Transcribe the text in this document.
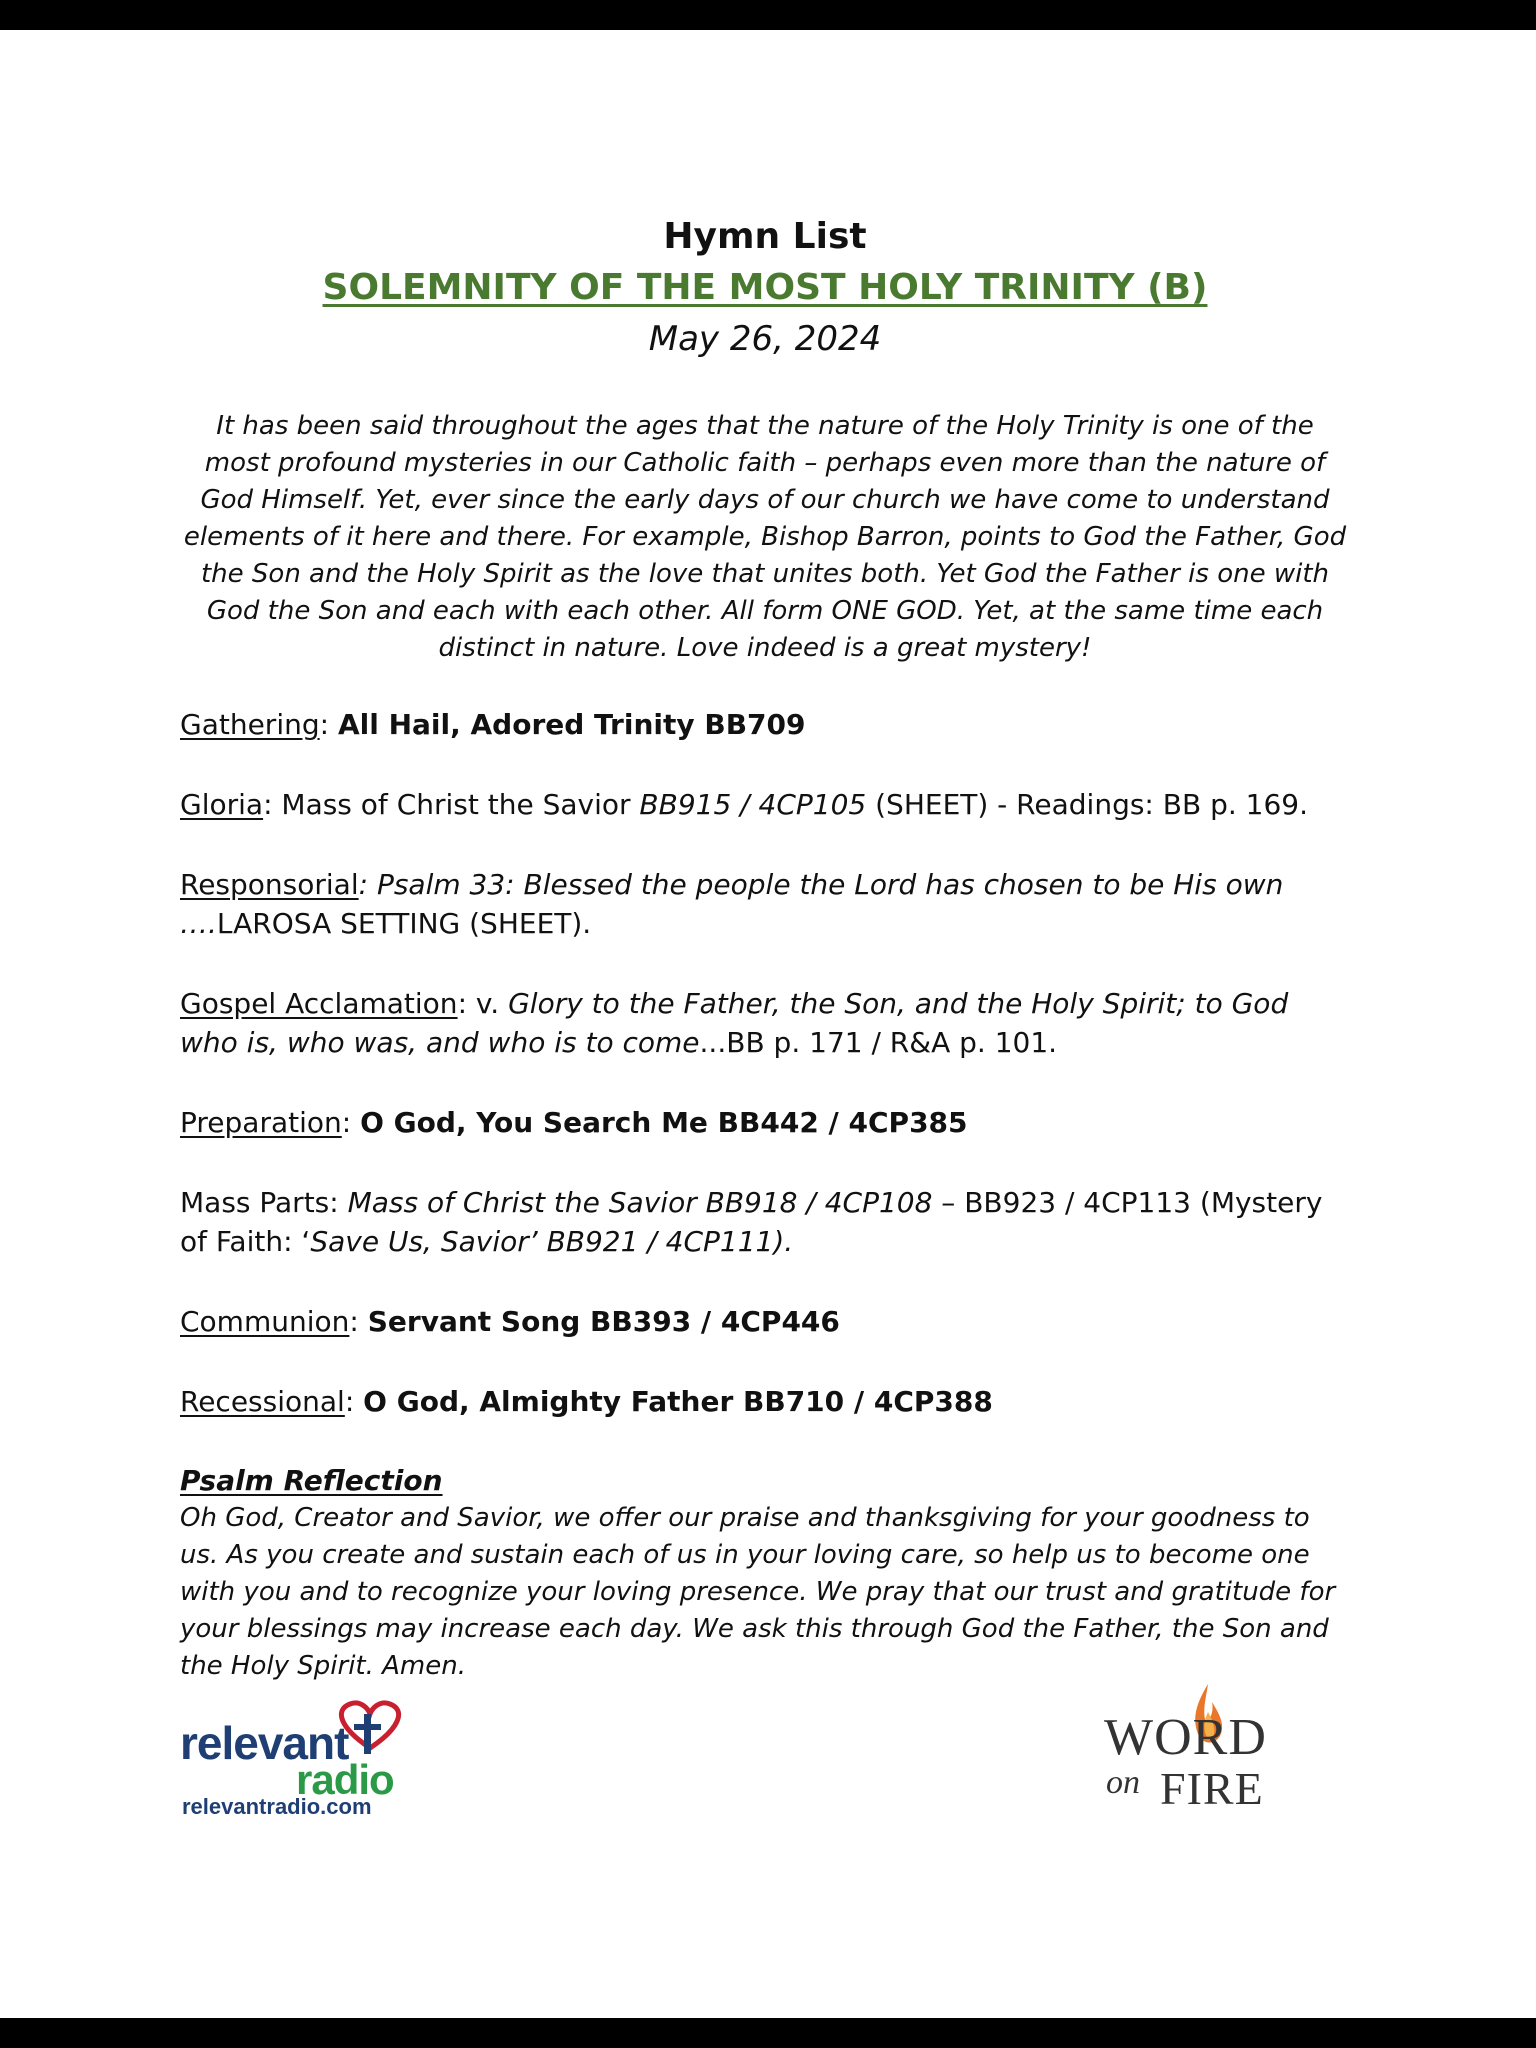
Hymn List
SOLEMNITY OF THE MOST HOLY TRINITY (B)
May 26, 2024
It has been said throughout the ages that the nature of the Holy Trinity is one of the most profound mysteries in our Catholic faith – perhaps even more than the nature of God Himself. Yet, ever since the early days of our church we have come to understand elements of it here and there. For example, Bishop Barron, points to God the Father, God the Son and the Holy Spirit as the love that unites both. Yet God the Father is one with God the Son and each with each other. All form ONE GOD. Yet, at the same time each distinct in nature. Love indeed is a great mystery!
Gathering: All Hail, Adored Trinity BB709
Gloria: Mass of Christ the Savior BB915 / 4CP105 (SHEET) - Readings: BB p. 169.
Responsorial: Psalm 33: Blessed the people the Lord has chosen to be His own ….LAROSA SETTING (SHEET).
Gospel Acclamation: v. Glory to the Father, the Son, and the Holy Spirit; to God who is, who was, and who is to come...BB p. 171 / R&A p. 101.
Preparation: O God, You Search Me BB442 / 4CP385
Mass Parts: Mass of Christ the Savior BB918 / 4CP108 – BB923 / 4CP113 (Mystery of Faith: ‘Save Us, Savior’ BB921 / 4CP111).
Communion: Servant Song BB393 / 4CP446
Recessional: O God, Almighty Father BB710 / 4CP388
Psalm Reflection
Oh God, Creator and Savior, we offer our praise and thanksgiving for your goodness to us. As you create and sustain each of us in your loving care, so help us to become one with you and to recognize your loving presence. We pray that our trust and gratitude for your blessings may increase each day. We ask this through God the Father, the Son and the Holy Spirit. Amen.
relevant
radio
relevantradio.com
WORD
on FIRE
